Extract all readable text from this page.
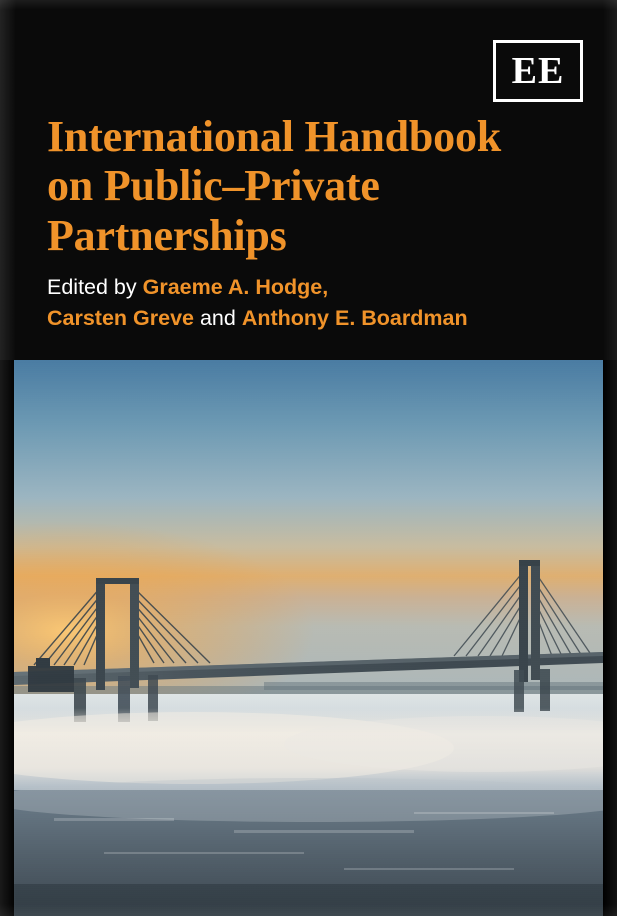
EE
International Handbook
on Public–Private
Partnerships
Edited by Graeme A. Hodge,
Carsten Greve and Anthony E. Boardman
